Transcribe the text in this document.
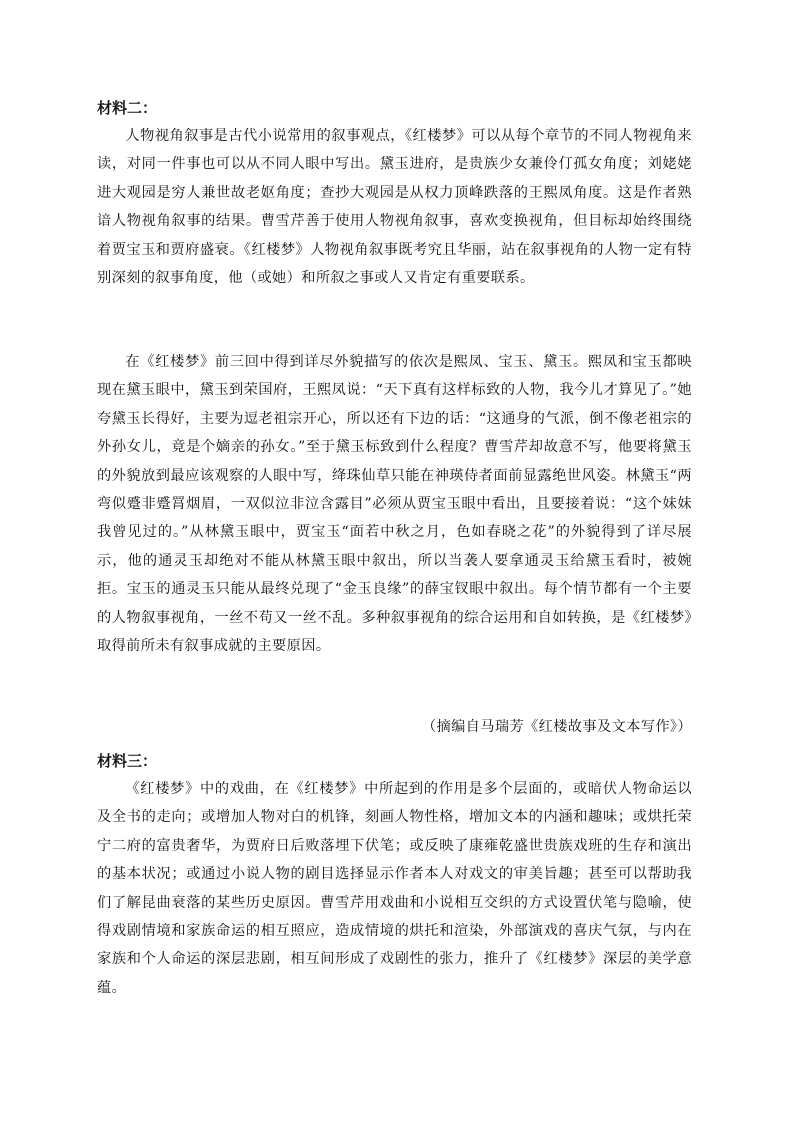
材料二：

人物视角叙事是古代小说常用的叙事观点，《红楼梦》可以从每个章节的不同人物视角来读，对同一件事也可以从不同人眼中写出。黛玉进府，是贵族少女兼伶仃孤女角度；刘姥姥进大观园是穷人兼世故老妪角度；查抄大观园是从权力顶峰跌落的王熙凤角度。这是作者熟谙人物视角叙事的结果。曹雪芹善于使用人物视角叙事，喜欢变换视角，但目标却始终围绕着贾宝玉和贾府盛衰。《红楼梦》人物视角叙事既考究且华丽，站在叙事视角的人物一定有特别深刻的叙事角度，他（或她）和所叙之事或人又肯定有重要联系。

在《红楼梦》前三回中得到详尽外貌描写的依次是熙凤、宝玉、黛玉。熙凤和宝玉都映现在黛玉眼中，黛玉到荣国府，王熙凤说：“天下真有这样标致的人物，我今儿才算见了。”她夸黛玉长得好，主要为逗老祖宗开心，所以还有下边的话：“这通身的气派，倒不像老祖宗的外孙女儿，竟是个嫡亲的孙女。”至于黛玉标致到什么程度？曹雪芹却故意不写，他要将黛玉的外貌放到最应该观察的人眼中写，绛珠仙草只能在神瑛侍者面前显露绝世风姿。林黛玉“两弯似蹙非蹙罥烟眉，一双似泣非泣含露目”必须从贾宝玉眼中看出，且要接着说：“这个妹妹我曾见过的。”从林黛玉眼中，贾宝玉“面若中秋之月，色如春晓之花”的外貌得到了详尽展示，他的通灵玉却绝对不能从林黛玉眼中叙出，所以当袭人要拿通灵玉给黛玉看时，被婉拒。宝玉的通灵玉只能从最终兑现了“金玉良缘”的薛宝钗眼中叙出。每个情节都有一个主要的人物叙事视角，一丝不苟又一丝不乱。多种叙事视角的综合运用和自如转换，是《红楼梦》取得前所未有叙事成就的主要原因。

（摘编自马瑞芳《红楼故事及文本写作》）

材料三：

《红楼梦》中的戏曲，在《红楼梦》中所起到的作用是多个层面的，或暗伏人物命运以及全书的走向；或增加人物对白的机锋，刻画人物性格，增加文本的内涵和趣味；或烘托荣宁二府的富贵奢华，为贾府日后败落埋下伏笔；或反映了康雍乾盛世贵族戏班的生存和演出的基本状况；或通过小说人物的剧目选择显示作者本人对戏文的审美旨趣；甚至可以帮助我们了解昆曲衰落的某些历史原因。曹雪芹用戏曲和小说相互交织的方式设置伏笔与隐喻，使得戏剧情境和家族命运的相互照应，造成情境的烘托和渲染，外部演戏的喜庆气氛，与内在家族和个人命运的深层悲剧，相互间形成了戏剧性的张力，推升了《红楼梦》深层的美学意蕴。
